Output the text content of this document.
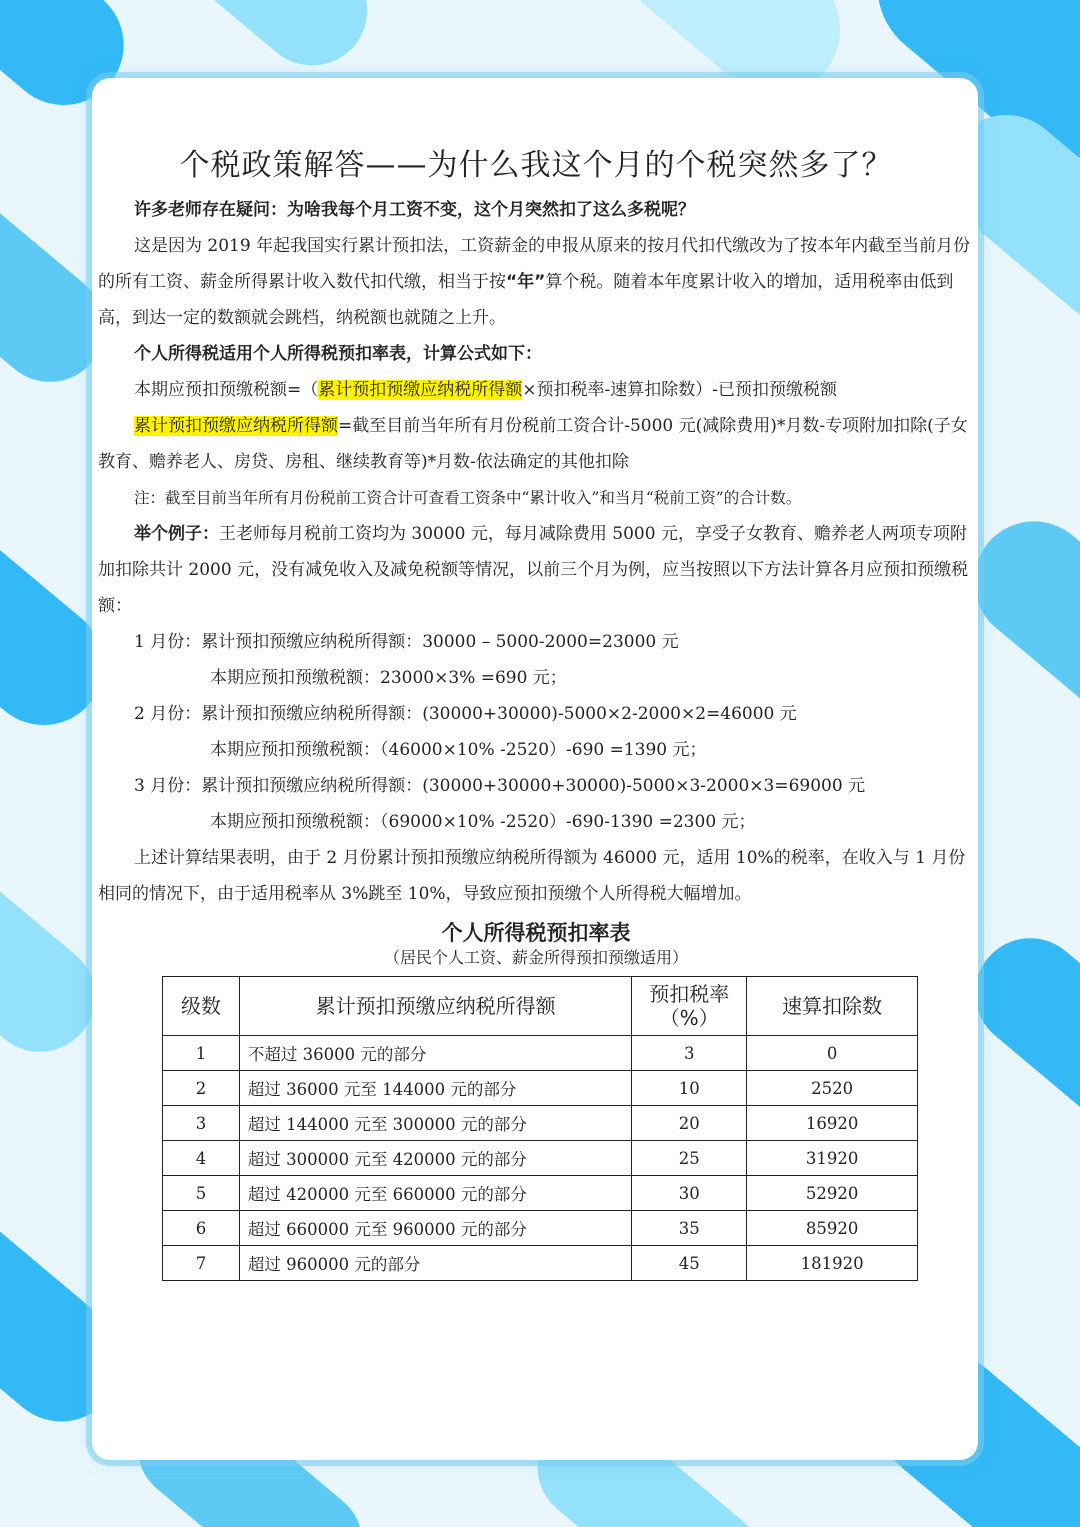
个税政策解答——为什么我这个月的个税突然多了？

许多老师存在疑问：为啥我每个月工资不变，这个月突然扣了这么多税呢？

这是因为 2019 年起我国实行累计预扣法，工资薪金的申报从原来的按月代扣代缴改为了按本年内截至当前月份的所有工资、薪金所得累计收入数代扣代缴，相当于按“年”算个税。随着本年度累计收入的增加，适用税率由低到高，到达一定的数额就会跳档，纳税额也就随之上升。

个人所得税适用个人所得税预扣率表，计算公式如下：

本期应预扣预缴税额=（累计预扣预缴应纳税所得额×预扣税率-速算扣除数）-已预扣预缴税额

累计预扣预缴应纳税所得额=截至目前当年所有月份税前工资合计-5000 元(减除费用)*月数-专项附加扣除(子女教育、赡养老人、房贷、房租、继续教育等)*月数-依法确定的其他扣除

注：截至目前当年所有月份税前工资合计可查看工资条中“累计收入”和当月“税前工资”的合计数。

举个例子：王老师每月税前工资均为 30000 元，每月减除费用 5000 元，享受子女教育、赡养老人两项专项附加扣除共计 2000 元，没有减免收入及减免税额等情况，以前三个月为例，应当按照以下方法计算各月应预扣预缴税额：

1 月份：累计预扣预缴应纳税所得额：30000 – 5000-2000=23000 元

本期应预扣预缴税额：23000×3% =690 元；

2 月份：累计预扣预缴应纳税所得额：(30000+30000)-5000×2-2000×2=46000 元

本期应预扣预缴税额：（46000×10% -2520）-690 =1390 元；

3 月份：累计预扣预缴应纳税所得额：(30000+30000+30000)-5000×3-2000×3=69000 元

本期应预扣预缴税额：（69000×10% -2520）-690-1390 =2300 元；

上述计算结果表明，由于 2 月份累计预扣预缴应纳税所得额为 46000 元，适用 10%的税率，在收入与 1 月份相同的情况下，由于适用税率从 3%跳至 10%，导致应预扣预缴个人所得税大幅增加。

个人所得税预扣率表
（居民个人工资、薪金所得预扣预缴适用）
级数	累计预扣预缴应纳税所得额	预扣税率（%）	速算扣除数
1	不超过 36000 元的部分	3	0
2	超过 36000 元至 144000 元的部分	10	2520
3	超过 144000 元至 300000 元的部分	20	16920
4	超过 300000 元至 420000 元的部分	25	31920
5	超过 420000 元至 660000 元的部分	30	52920
6	超过 660000 元至 960000 元的部分	35	85920
7	超过 960000 元的部分	45	181920
